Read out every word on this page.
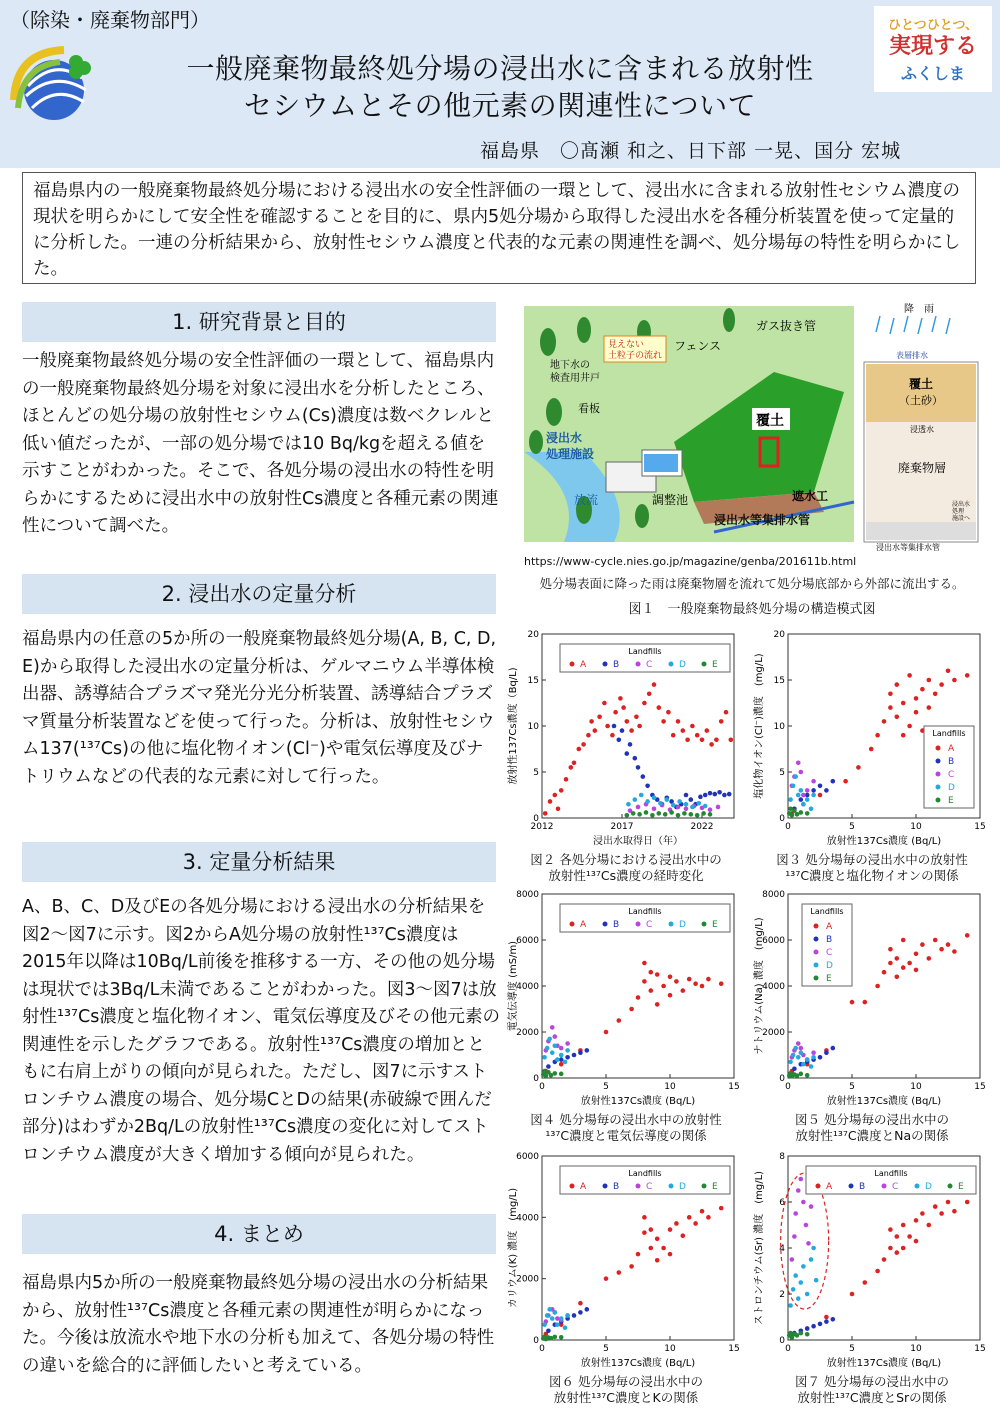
（除染・廃棄物部門）	ひとつひとつ、
実現する
ふくしま
一般廃棄物最終処分場の浸出水に含まれる放射性
セシウムとその他元素の関連性について
福島県　〇髙瀬 和之、日下部 一晃、国分 宏城
福島県内の一般廃棄物最終処分場における浸出水の安全性評価の一環として、浸出水に含まれる放射性セシウム濃度の現状を明らかにして安全性を確認することを目的に、県内5処分場から取得した浸出水を各種分析装置を使って定量的に分析した。一連の分析結果から、放射性セシウム濃度と代表的な元素の関連性を調べ、処分場毎の特性を明らかにした。
1. 研究背景と目的
一般廃棄物最終処分場の安全性評価の一環として、福島県内の一般廃棄物最終処分場を対象に浸出水を分析したところ、ほとんどの処分場の放射性セシウム(Cs)濃度は数ベクレルと低い値だったが、一部の処分場では10 Bq/kgを超える値を示すことがわかった。そこで、各処分場の浸出水の特性を明らかにするために浸出水中の放射性Cs濃度と各種元素の関連性について調べた。
2. 浸出水の定量分析
福島県内の任意の5か所の一般廃棄物最終処分場(A, B, C, D, E)から取得した浸出水の定量分析は、ゲルマニウム半導体検出器、誘導結合プラズマ発光分光分析装置、誘導結合プラズマ質量分析装置などを使って行った。分析は、放射性セシウム137(¹³⁷Cs)の他に塩化物イオン(Cl⁻)や電気伝導度及びナトリウムなどの代表的な元素に対して行った。
3. 定量分析結果
A、B、C、D及びEの各処分場における浸出水の分析結果を図2～図7に示す。図2からA処分場の放射性¹³⁷Cs濃度は2015年以降は10Bq/L前後を推移する一方、その他の処分場は現状では3Bq/L未満であることがわかった。図3～図7は放射性¹³⁷Cs濃度と塩化物イオン、電気伝導度及びその他元素の関連性を示したグラフである。放射性¹³⁷Cs濃度の増加とともに右肩上がりの傾向が見られた。ただし、図7に示すストロンチウム濃度の場合、処分場CとDの結果(赤破線で囲んだ部分)はわずか2Bq/Lの放射性¹³⁷Cs濃度の変化に対してストロンチウム濃度が大きく増加する傾向が見られた。
4. まとめ
福島県内5か所の一般廃棄物最終処分場の浸出水の分析結果から、放射性¹³⁷Cs濃度と各種元素の関連性が明らかになった。今後は放流水や地下水の分析も加えて、各処分場の特性の違いを総合的に評価したいと考えている。
降　雨
表層排水
覆土
（土砂）
浸透水
廃棄物層
浸出水等集排水管
浸出水
処理
施設へ
フェンス
ガス抜き管
見えない
土粒子の流れ
地下水の
検査用井戸
看板
覆土
浸出水
処理施設
放流	調整池	遮水工
浸出水等集排水管
https://www-cycle.nies.go.jp/magazine/genba/201611b.html
処分場表面に降った雨は廃棄物層を流れて処分場底部から外部に流出する。
図１　一般廃棄物最終処分場の構造模式図
2012	2017	2022
0
5
10
15
20
浸出水取得日（年）
放射性137Cs濃度（Bq/L)
Landfills
A	B	C	D	E
図２ 各処分場における浸出水中の
放射性¹³⁷Cs濃度の経時変化
0	5	10	15
0
5
10
15
20
放射性137Cs濃度 (Bq/L)
塩化物イオン(Cl⁻)濃度　(mg/L)	Landfills
A
B
C
D
E
図３ 処分場毎の浸出水中の放射性
¹³⁷C濃度と塩化物イオンの関係
0	5	10	15
0
2000
4000
6000
8000
放射性137Cs濃度 (Bq/L)
電気伝導度 (mS/m)
Landfills
A	B	C	D	E
図４ 処分場毎の浸出水中の放射性
¹³⁷C濃度と電気伝導度の関係
0	5	10	15
0
2000
4000
6000
8000
放射性137Cs濃度 (Bq/L)
ナトリウム(Na) 濃度　(mg/L)
Landfills
A
B
C
D
E
図５ 処分場毎の浸出水中の
放射性¹³⁷C濃度とNaの関係
0	5	10	15
0
2000
4000
6000
放射性137Cs濃度 (Bq/L)
カリウム(K) 濃度　(mg/L)
Landfills
A	B	C	D	E
図６ 処分場毎の浸出水中の
放射性¹³⁷C濃度とKの関係
0	5	10	15
0
2
4
6
8
放射性137Cs濃度 (Bq/L)
ストロンチウム(Sr) 濃度　(mg/L)	Landfills
A	B	C	D	E
図７ 処分場毎の浸出水中の
放射性¹³⁷C濃度とSrの関係
